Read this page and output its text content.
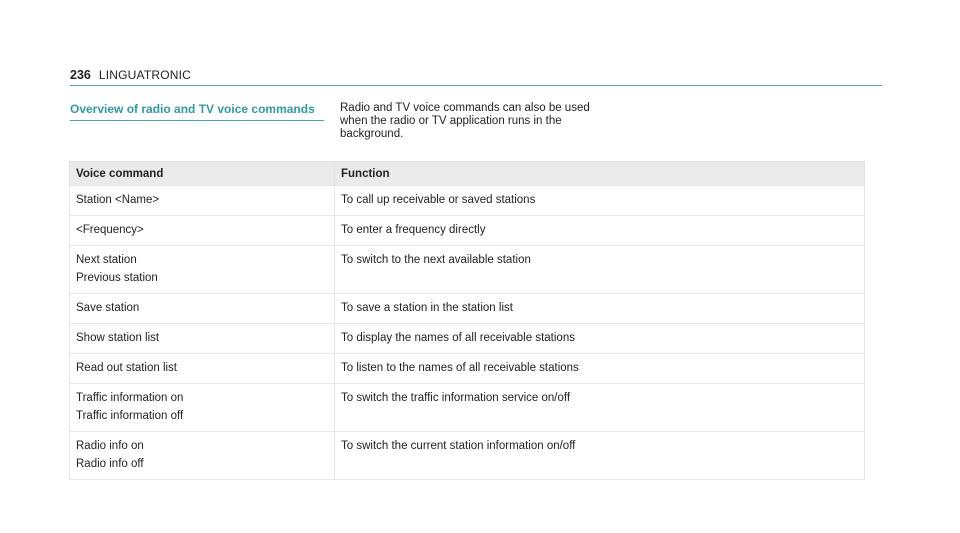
236 LINGUATRONIC
Overview of radio and TV voice commands	Radio and TV voice commands can also be used when the radio or TV application runs in the background.
Voice command	Function

Station <Name>	To call up receivable or saved stations

<Frequency>	To enter a frequency directly

Next station
Previous station	To switch to the next available station

Save station	To save a station in the station list

Show station list	To display the names of all receivable stations

Read out station list	To listen to the names of all receivable stations

Traffic information on
Traffic information off	To switch the traffic information service on/off

Radio info on
Radio info off	To switch the current station information on/off
